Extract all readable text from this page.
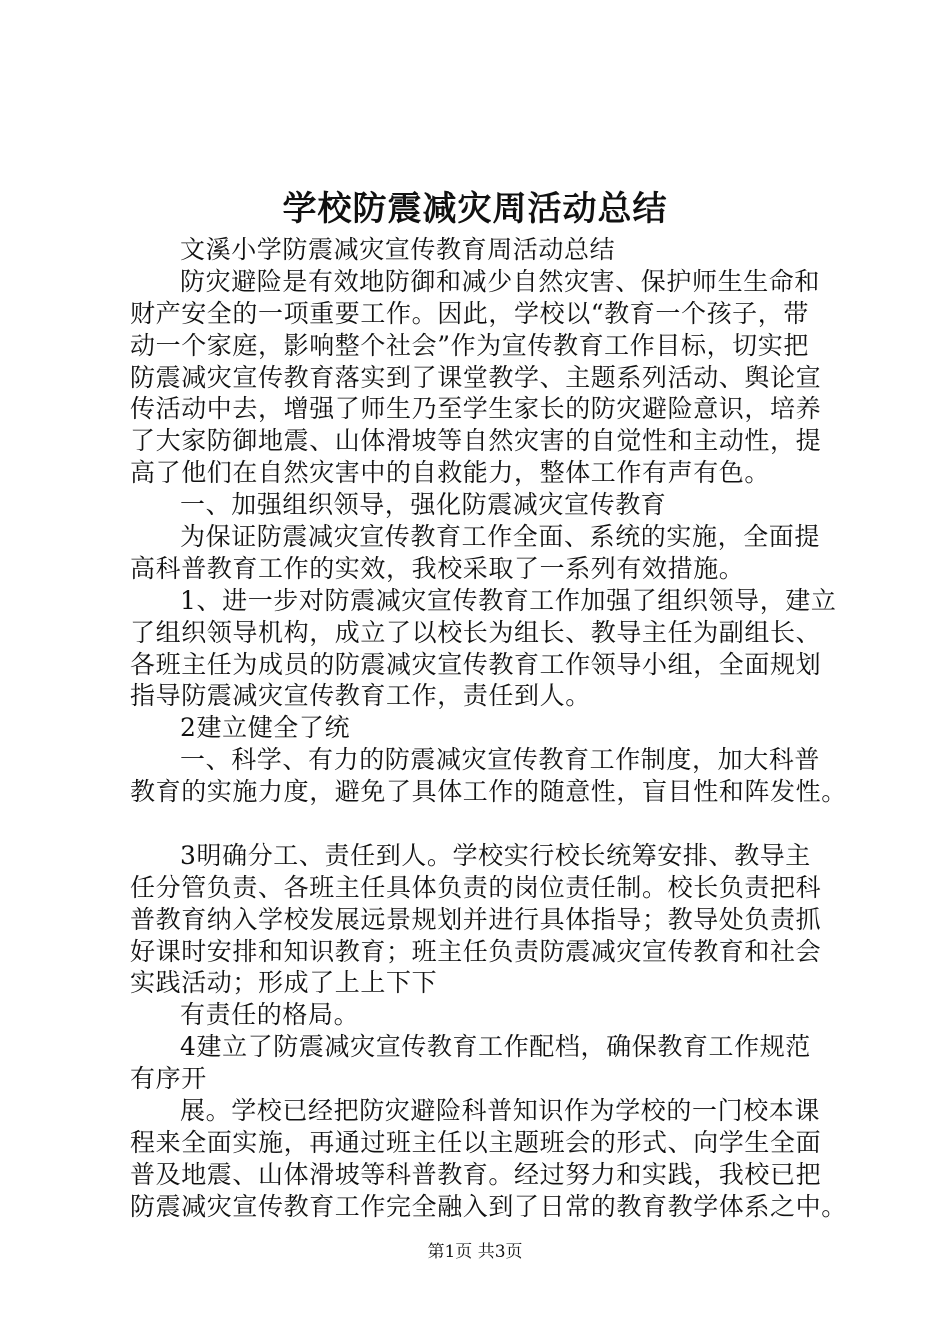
学校防震减灾周活动总结
文溪小学防震减灾宣传教育周活动总结
防灾避险是有效地防御和减少自然灾害、保护师生生命和
财产安全的一项重要工作。因此，学校以“教育一个孩子，带
动一个家庭，影响整个社会”作为宣传教育工作目标，切实把
防震减灾宣传教育落实到了课堂教学、主题系列活动、舆论宣
传活动中去，增强了师生乃至学生家长的防灾避险意识，培养
了大家防御地震、山体滑坡等自然灾害的自觉性和主动性，提
高了他们在自然灾害中的自救能力，整体工作有声有色。
一、加强组织领导，强化防震减灾宣传教育
为保证防震减灾宣传教育工作全面、系统的实施，全面提
高科普教育工作的实效，我校采取了一系列有效措施。
1、进一步对防震减灾宣传教育工作加强了组织领导，建立
了组织领导机构，成立了以校长为组长、教导主任为副组长、
各班主任为成员的防震减灾宣传教育工作领导小组，全面规划
指导防震减灾宣传教育工作，责任到人。
2建立健全了统
一、科学、有力的防震减灾宣传教育工作制度，加大科普
教育的实施力度，避免了具体工作的随意性，盲目性和阵发性。
3明确分工、责任到人。学校实行校长统筹安排、教导主
任分管负责、各班主任具体负责的岗位责任制。校长负责把科
普教育纳入学校发展远景规划并进行具体指导；教导处负责抓
好课时安排和知识教育；班主任负责防震减灾宣传教育和社会
实践活动；形成了上上下下
有责任的格局。
4建立了防震减灾宣传教育工作配档，确保教育工作规范
有序开
展。学校已经把防灾避险科普知识作为学校的一门校本课
程来全面实施，再通过班主任以主题班会的形式、向学生全面
普及地震、山体滑坡等科普教育。经过努力和实践，我校已把
防震减灾宣传教育工作完全融入到了日常的教育教学体系之中。
第1页 共3页
